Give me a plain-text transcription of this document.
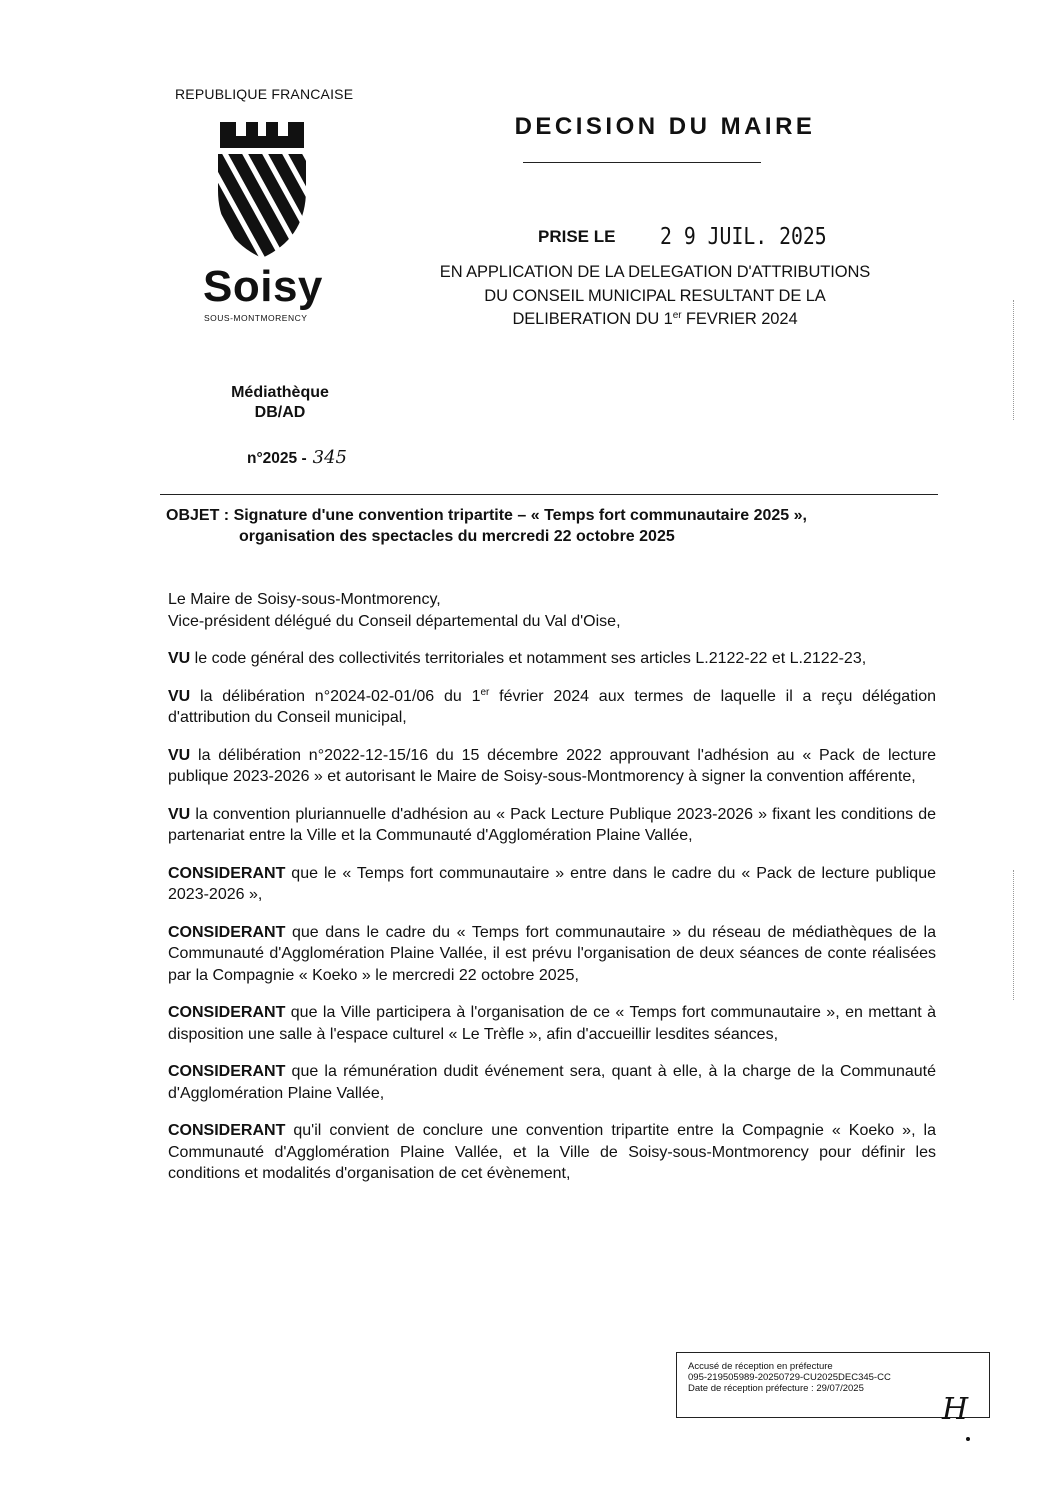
REPUBLIQUE FRANCAISE
Soisy
SOUS-MONTMORENCY
Médiathèque
DB/AD
n°2025 - 345
DECISION DU MAIRE
PRISE LE 2 9 JUIL. 2025
EN APPLICATION DE LA DELEGATION D'ATTRIBUTIONS
DU CONSEIL MUNICIPAL RESULTANT DE LA
DELIBERATION DU 1er FEVRIER 2024
OBJET : Signature d'une convention tripartite – « Temps fort communautaire 2025 »,
organisation des spectacles du mercredi 22 octobre 2025

Le Maire de Soisy-sous-Montmorency,
Vice-président délégué du Conseil départemental du Val d'Oise,

VU le code général des collectivités territoriales et notamment ses articles L.2122-22 et L.2122-23,

VU la délibération n°2024-02-01/06 du 1er février 2024 aux termes de laquelle il a reçu délégation d'attribution du Conseil municipal,

VU la délibération n°2022-12-15/16 du 15 décembre 2022 approuvant l'adhésion au « Pack de lecture publique 2023-2026 » et autorisant le Maire de Soisy-sous-Montmorency à signer la convention afférente,

VU la convention pluriannuelle d'adhésion au « Pack Lecture Publique 2023-2026 » fixant les conditions de partenariat entre la Ville et la Communauté d'Agglomération Plaine Vallée,

CONSIDERANT que le « Temps fort communautaire » entre dans le cadre du « Pack de lecture publique 2023-2026 »,

CONSIDERANT que dans le cadre du « Temps fort communautaire » du réseau de médiathèques de la Communauté d'Agglomération Plaine Vallée, il est prévu l'organisation de deux séances de conte réalisées par la Compagnie « Koeko » le mercredi 22 octobre 2025,

CONSIDERANT que la Ville participera à l'organisation de ce « Temps fort communautaire », en mettant à disposition une salle à l'espace culturel « Le Trèfle », afin d'accueillir lesdites séances,

CONSIDERANT que la rémunération dudit événement sera, quant à elle, à la charge de la Communauté d'Agglomération Plaine Vallée,

CONSIDERANT qu'il convient de conclure une convention tripartite entre la Compagnie « Koeko », la Communauté d'Agglomération Plaine Vallée, et la Ville de Soisy-sous-Montmorency pour définir les conditions et modalités d'organisation de cet évènement,

Accusé de réception en préfecture
095-219505989-20250729-CU2025DEC345-CC
Date de réception préfecture : 29/07/2025
H
